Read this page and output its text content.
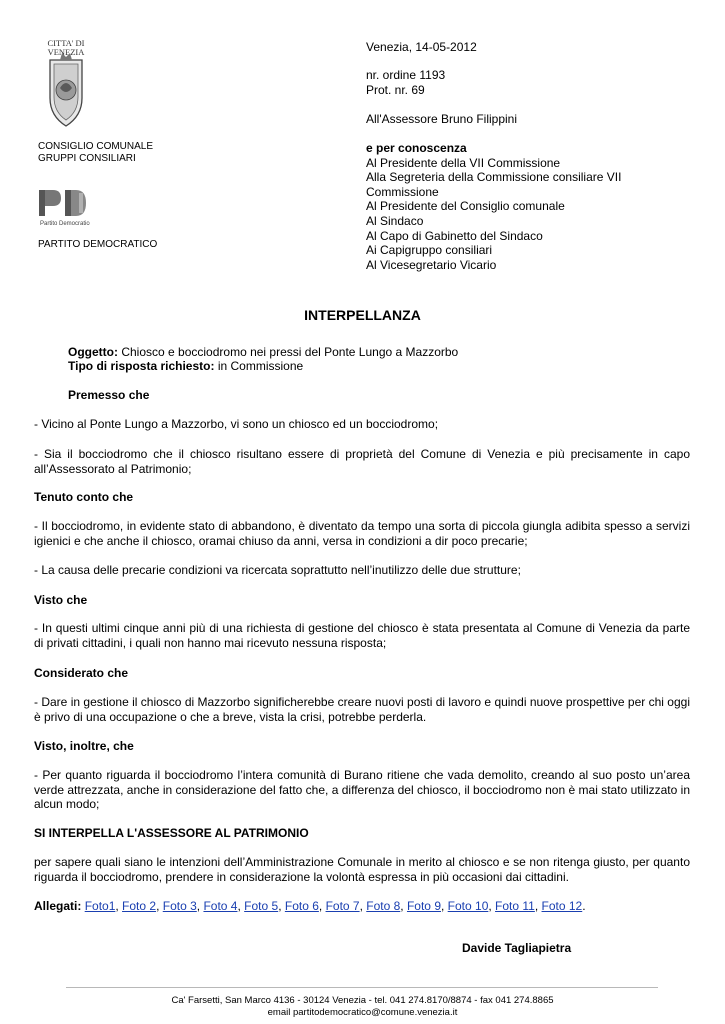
CITTA' DI
VENEZIA
CONSIGLIO COMUNALE
GRUPPI CONSILIARI
Partito Democratico
PARTITO DEMOCRATICO
Venezia, 14-05-2012
nr. ordine 1193
Prot. nr. 69
All'Assessore Bruno Filippini
e per conoscenza
Al Presidente della VII Commissione
Alla Segreteria della Commissione consiliare VII
Commissione
Al Presidente del Consiglio comunale
Al Sindaco
Al Capo di Gabinetto del Sindaco
Ai Capigruppo consiliari
Al Vicesegretario Vicario
INTERPELLANZA
Oggetto: Chiosco e bocciodromo nei pressi del Ponte Lungo a Mazzorbo
Tipo di risposta richiesto: in Commissione
Premesso che
- Vicino al Ponte Lungo a Mazzorbo, vi sono un chiosco ed un bocciodromo;
- Sia il bocciodromo che il chiosco risultano essere di proprietà del Comune di Venezia e più precisamente in capo all’Assessorato al Patrimonio;
Tenuto conto che
- Il bocciodromo, in evidente stato di abbandono, è diventato da tempo una sorta di piccola giungla adibita spesso a servizi igienici e che anche il chiosco, oramai chiuso da anni, versa in condizioni a dir poco precarie;
- La causa delle precarie condizioni va ricercata soprattutto nell’inutilizzo delle due strutture;
Visto che
- In questi ultimi cinque anni più di una richiesta di gestione del chiosco è stata presentata al Comune di Venezia da parte di privati cittadini, i quali non hanno mai ricevuto nessuna risposta;
Considerato che
- Dare in gestione il chiosco di Mazzorbo significherebbe creare nuovi posti di lavoro e quindi nuove prospettive per chi oggi è privo di una occupazione o che a breve, vista la crisi, potrebbe perderla.
Visto, inoltre, che
- Per quanto riguarda il bocciodromo l’intera comunità di Burano ritiene che vada demolito, creando al suo posto un’area verde attrezzata, anche in considerazione del fatto che, a differenza del chiosco, il bocciodromo non è mai stato utilizzato in alcun modo;
SI INTERPELLA L'ASSESSORE AL PATRIMONIO
per sapere quali siano le intenzioni dell’Amministrazione Comunale in merito al chiosco e se non ritenga giusto, per quanto riguarda il bocciodromo, prendere in considerazione la volontà espressa in più occasioni dai cittadini.
Allegati: Foto1, Foto 2, Foto 3, Foto 4, Foto 5, Foto 6, Foto 7, Foto 8, Foto 9, Foto 10, Foto 11, Foto 12.
Davide Tagliapietra
Ca' Farsetti, San Marco 4136 - 30124 Venezia - tel. 041 274.8170/8874 - fax 041 274.8865
email partitodemocratico@comune.venezia.it
